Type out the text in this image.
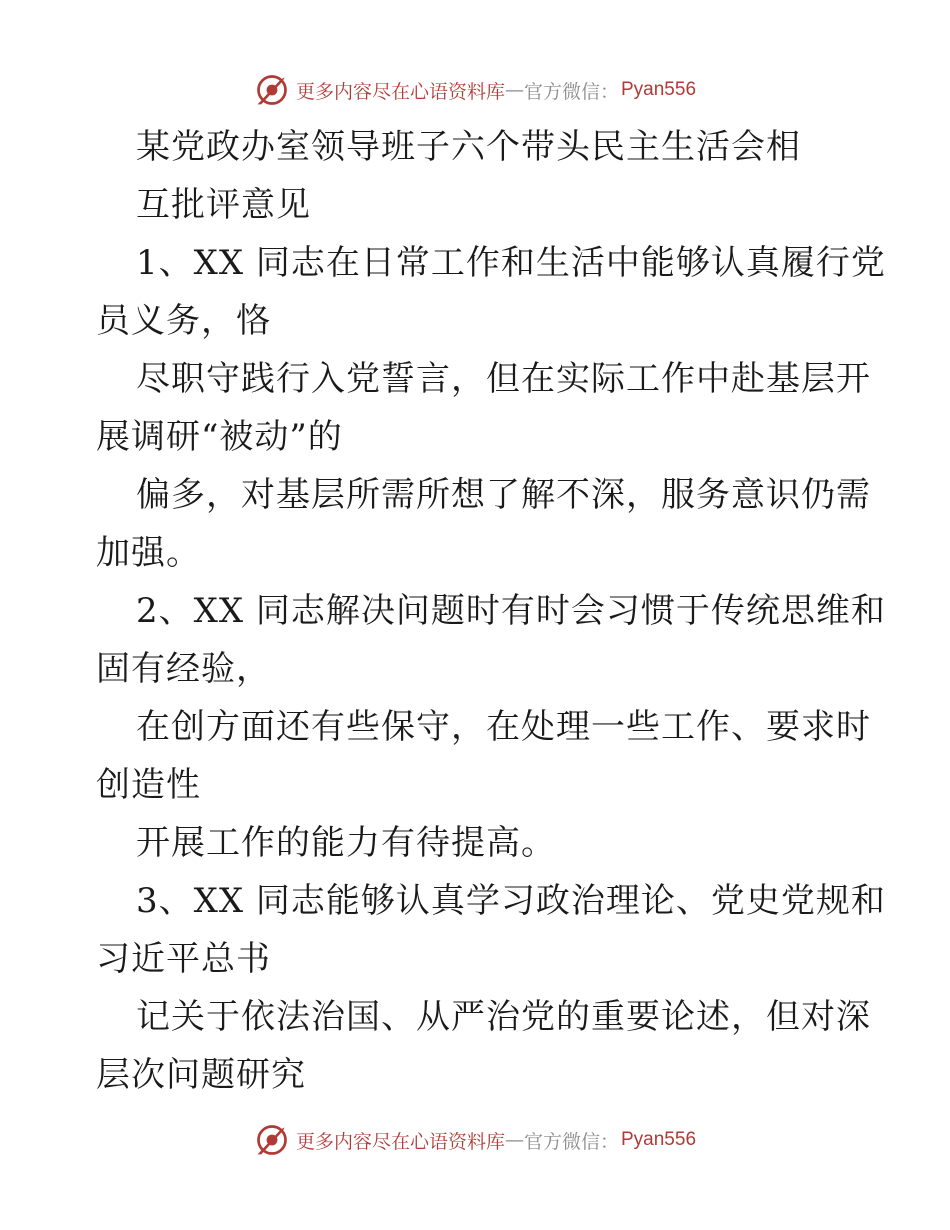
更多内容尽在心语资料库 — 官方微信： Pyan556
某党政办室领导班子六个带头民主生活会相
互批评意见
1、XX 同志在日常工作和生活中能够认真履行党
员义务，恪
尽职守践行入党誓言，但在实际工作中赴基层开
展调研“被动”的
偏多，对基层所需所想了解不深，服务意识仍需
加强。
2、XX 同志解决问题时有时会习惯于传统思维和
固有经验，
在创方面还有些保守，在处理一些工作、要求时
创造性
开展工作的能力有待提高。
3、XX 同志能够认真学习政治理论、党史党规和
习近平总书
记关于依法治国、从严治党的重要论述，但对深
层次问题研究
更多内容尽在心语资料库 — 官方微信： Pyan556
